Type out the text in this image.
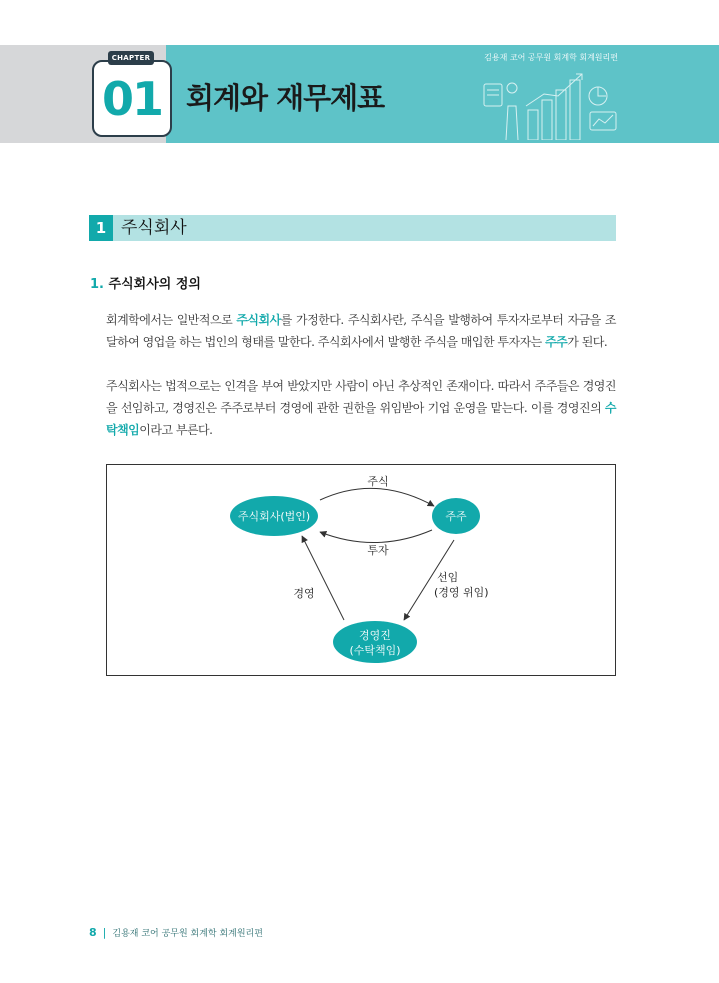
김용재 코어 공무원 회계학 회계원리편
CHAPTER
01 회계와 재무제표
1 주식회사
1. 주식회사의 정의

회계학에서는 일반적으로 주식회사를 가정한다. 주식회사란, 주식을 발행하여 투자자로부터 자금을 조달하여 영업을 하는 법인의 형태를 말한다. 주식회사에서 발행한 주식을 매입한 투자자는 주주가 된다.

주식회사는 법적으로는 인격을 부여 받았지만 사람이 아닌 추상적인 존재이다. 따라서 주주들은 경영진을 선임하고, 경영진은 주주로부터 경영에 관한 권한을 위임받아 기업 운영을 맡는다. 이를 경영진의 수탁책임이라고 부른다.

주식회사(법인)	주주
경영진
(수탁책임)
주식
투자
경영
선임
(경영 위임)
8 | 김용재 코어 공무원 회계학 회계원리편
